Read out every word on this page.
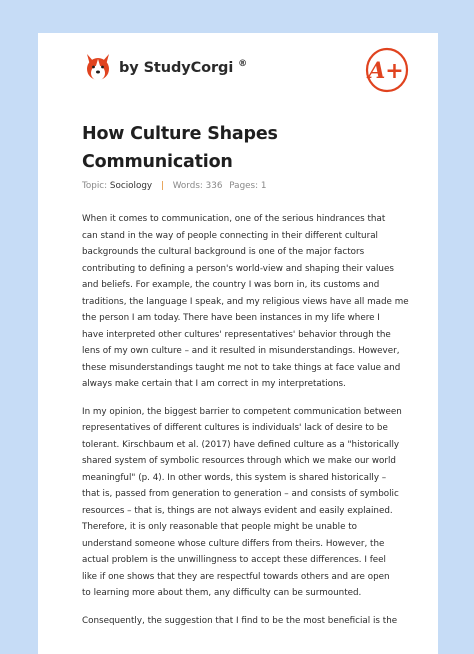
by StudyCorgi ®	A+
How Culture Shapes
Communication
Topic: Sociology | Words: 336 Pages: 1

When it comes to communication, one of the serious hindrances that
can stand in the way of people connecting in their different cultural
backgrounds the cultural background is one of the major factors
contributing to defining a person's world-view and shaping their values
and beliefs. For example, the country I was born in, its customs and
traditions, the language I speak, and my religious views have all made me
the person I am today. There have been instances in my life where I
have interpreted other cultures' representatives' behavior through the
lens of my own culture – and it resulted in misunderstandings. However,
these misunderstandings taught me not to take things at face value and
always make certain that I am correct in my interpretations.

In my opinion, the biggest barrier to competent communication between
representatives of different cultures is individuals' lack of desire to be
tolerant. Kirschbaum et al. (2017) have defined culture as a "historically
shared system of symbolic resources through which we make our world
meaningful" (p. 4). In other words, this system is shared historically –
that is, passed from generation to generation – and consists of symbolic
resources – that is, things are not always evident and easily explained.
Therefore, it is only reasonable that people might be unable to
understand someone whose culture differs from theirs. However, the
actual problem is the unwillingness to accept these differences. I feel
like if one shows that they are respectful towards others and are open
to learning more about them, any difficulty can be surmounted.

Consequently, the suggestion that I find to be the most beneficial is the
